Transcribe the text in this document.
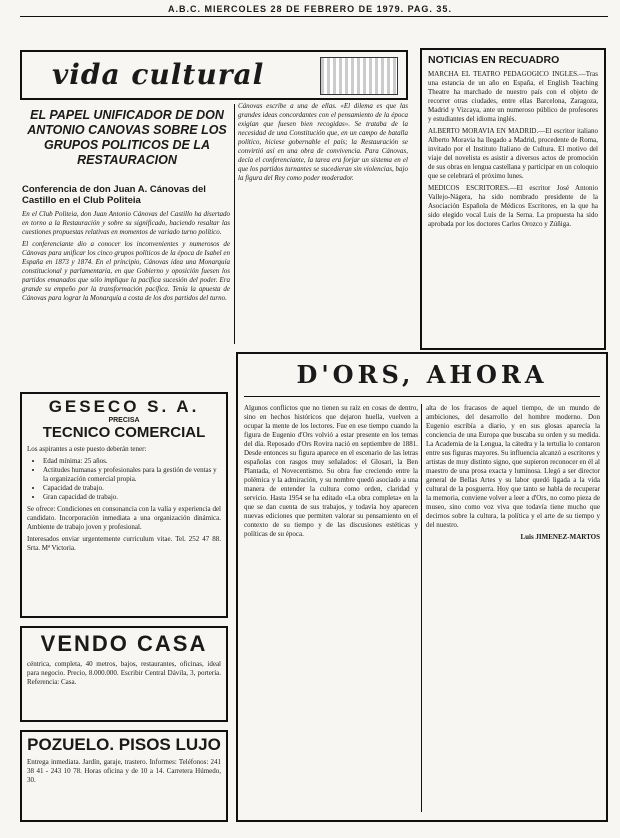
A.B.C. MIERCOLES 28 DE FEBRERO DE 1979. PAG. 35.
vida cultural
EL PAPEL UNIFICADOR DE DON ANTONIO CANOVAS SOBRE LOS GRUPOS POLITICOS DE LA RESTAURACION
Conferencia de don Juan A. Cánovas del Castillo en el Club Politeia

En el Club Politeia, don Juan Antonio Cánovas del Castillo ha disertado en torno a la Restauración y sobre su significado, haciendo resaltar las cuestiones propuestas relativas en momentos de variado turno político.

El conferenciante dio a conocer los inconvenientes y numerosos de Cánovas para unificar los cinco grupos políticos de la época de Isabel en España en 1873 y 1874. En el principio, Cánovas idea una Monarquía constitucional y parlamentaria, en que Gobierno y oposición fuesen los partidos emanados que sólo implique la pacífica sucesión del poder. Era grande su empeño por la transformación pacífica. Tenía la apuesta de Cánovas para lograr la Monarquía a costa de los dos partidos del turno.

Cánovas escribe a una de ellas. «El dilema es que las grandes ideas concordantes con el pensamiento de la época exigían que fuesen bien recogidas». Se trataba de la necesidad de una Constitución que, en un campo de batalla político, hiciese gobernable el país; la Restauración se convirtió así en una obra de convivencia. Para Cánovas, decía el conferenciante, la tarea era forjar un sistema en el que los partidos turnantes se sucedieran sin violencias, bajo la figura del Rey como poder moderador.

GESECO S. A.
PRECISA
TECNICO COMERCIAL

Los aspirantes a este puesto deberán tener:

• Edad mínima: 25 años.
• Actitudes humanas y profesionales para la gestión de ventas y la organización comercial propia.
• Capacidad de trabajo.
• Gran capacidad de trabajo.

Se ofrece: Condiciones en consonancia con la valía y experiencia del candidato. Incorporación inmediata a una organización dinámica. Ambiente de trabajo joven y profesional.

Interesados enviar urgentemente curriculum vitae. Tel. 252 47 88. Srta. Mª Victoria.

VENDO CASA

céntrica, completa, 40 metros, bajos, restaurantes, oficinas, ideal para negocio. Precio, 8.000.000. Escribir Central Dávila, 3, portería. Referencia: Casa.

POZUELO. PISOS LUJO

Entrega inmediata. Jardín, garaje, trastero. Informes: Teléfonos: 241 38 41 - 243 10 78. Horas oficina y de 10 a 14. Carretera Húmedo, 30.

NOTICIAS EN RECUADRO

MARCHA EL TEATRO PEDAGOGICO INGLES.—Tras una estancia de un año en España, el English Teaching Theatre ha marchado de nuestro país con el objeto de recorrer otras ciudades, entre ellas Barcelona, Zaragoza, Madrid y Vizcaya, ante un numeroso público de profesores y estudiantes del idioma inglés.

ALBERTO MORAVIA EN MADRID.—El escritor italiano Alberto Moravia ha llegado a Madrid, procedente de Roma, invitado por el Instituto Italiano de Cultura. El motivo del viaje del novelista es asistir a diversos actos de promoción de sus obras en lengua castellana y participar en un coloquio que se celebrará el próximo lunes.

MEDICOS ESCRITORES.—El escritor José Antonio Vallejo-Nágera, ha sido nombrado presidente de la Asociación Española de Médicos Escritores, en la que ha sido elegido vocal Luis de la Serna. La propuesta ha sido aprobada por los doctores Carlos Orozco y Zúñiga.

D'ORS, AHORA

Algunos conflictos que no tienen su raíz en cosas de dentro, sino en hechos históricos que dejaron huella, vuelven a ocupar la mente de los lectores. Fue en ese tiempo cuando la figura de Eugenio d'Ors volvió a estar presente en los temas del día. Reposado d'Ors Rovira nació en septiembre de 1881. Desde entonces su figura aparece en el escenario de las letras españolas con rasgos muy señalados: el Glosari, la Ben Plantada, el Novecentismo. Su obra fue creciendo entre la polémica y la admiración, y su nombre quedó asociado a una manera de entender la cultura como orden, claridad y servicio. Hasta 1954 se ha editado «La obra completa» en la que se dan cuenta de sus trabajos, y todavía hoy aparecen nuevas ediciones que permiten valorar su pensamiento en el contexto de su tiempo y de las discusiones estéticas y políticas de su época.

alta de los fracasos de aquel tiempo, de un mundo de ambiciones, del desarrollo del hombre moderno. Don Eugenio escribía a diario, y en sus glosas aparecía la conciencia de una Europa que buscaba su orden y su medida. La Academia de la Lengua, la cátedra y la tertulia lo contaron entre sus figuras mayores. Su influencia alcanzó a escritores y artistas de muy distinto signo, que supieron reconocer en él al maestro de una prosa exacta y luminosa. Llegó a ser director general de Bellas Artes y su labor quedó ligada a la vida cultural de la posguerra. Hoy que tanto se habla de recuperar la memoria, conviene volver a leer a d'Ors, no como pieza de museo, sino como voz viva que todavía tiene mucho que decirnos sobre la cultura, la política y el arte de su tiempo y del nuestro.

Luis JIMENEZ-MARTOS
